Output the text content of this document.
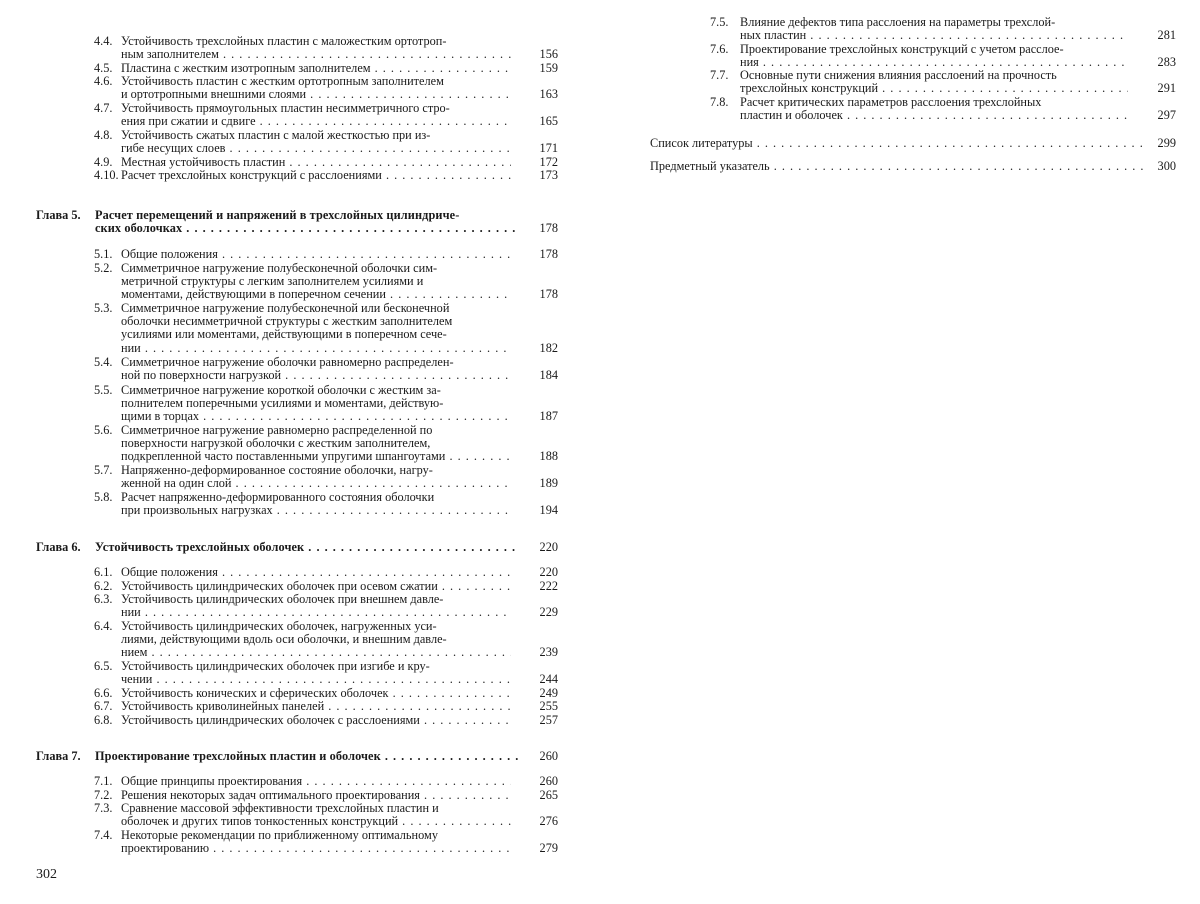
4.4. Устойчивость трехслойных пластин с маложестким ортотроп-
ным заполнителем . . .	156
4.5. Пластина с жестким изотропным заполнителем . . .	159
4.6. Устойчивость пластин с жестким ортотропным заполнителем
и ортотропными внешними слоями . . .	163
4.7. Устойчивость прямоугольных пластин несимметричного стро-
ения при сжатии и сдвиге . . .	165
4.8. Устойчивость сжатых пластин с малой жесткостью при из-
гибе несущих слоев . . .	171
4.9. Местная устойчивость пластин . . .	172
4.10. Расчет трехслойных конструкций с расслоениями . . .	173
Глава 5. Расчет перемещений и напряжений в трехслойных цилиндриче-
ских оболочках . . .	178
5.1. Общие положения . . .	178
5.2. Симметричное нагружение полубесконечной оболочки сим-
метричной структуры с легким заполнителем усилиями и
моментами, действующими в поперечном сечении . . .	178
5.3. Симметричное нагружение полубесконечной или бесконечной
оболочки несимметричной структуры с жестким заполнителем
усилиями или моментами, действующими в поперечном сече-
нии . . .	182
5.4. Симметричное нагружение оболочки равномерно распределен-
ной по поверхности нагрузкой . . .	184
5.5. Симметричное нагружение короткой оболочки с жестким за-
полнителем поперечными усилиями и моментами, действую-
щими в торцах . . .	187
5.6. Симметричное нагружение равномерно распределенной по
поверхности нагрузкой оболочки с жестким заполнителем,
подкрепленной часто поставленными упругими шпангоутами . . .	188
5.7. Напряженно-деформированное состояние оболочки, нагру-
женной на один слой . . .	189
5.8. Расчет напряженно-деформированного состояния оболочки
при произвольных нагрузках . . .	194
Глава 6. Устойчивость трехслойных оболочек . . .	220
6.1. Общие положения . . .	220
6.2. Устойчивость цилиндрических оболочек при осевом сжатии . . .	222
6.3. Устойчивость цилиндрических оболочек при внешнем давле-
нии . . .	229
6.4. Устойчивость цилиндрических оболочек, нагруженных уси-
лиями, действующими вдоль оси оболочки, и внешним давле-
нием . . .	239
6.5. Устойчивость цилиндрических оболочек при изгибе и кру-
чении . . .	244
6.6. Устойчивость конических и сферических оболочек . . .	249
6.7. Устойчивость криволинейных панелей . . .	255
6.8. Устойчивость цилиндрических оболочек с расслоениями . . .	257
Глава 7. Проектирование трехслойных пластин и оболочек . . .	260
7.1. Общие принципы проектирования . . .	260
7.2. Решения некоторых задач оптимального проектирования . . .	265
7.3. Сравнение массовой эффективности трехслойных пластин и
оболочек и других типов тонкостенных конструкций . . .	276
7.4. Некоторые рекомендации по приближенному оптимальному
проектированию . . .	279
7.5. Влияние дефектов типа расслоения на параметры трехслой-
ных пластин . . .	281
7.6. Проектирование трехслойных конструкций с учетом расслое-
ния . . .	283
7.7. Основные пути снижения влияния расслоений на прочность
трехслойных конструкций . . .	291
7.8. Расчет критических параметров расслоения трехслойных
пластин и оболочек . . .	297
Список литературы . . .	299
Предметный указатель . . .	300
302
